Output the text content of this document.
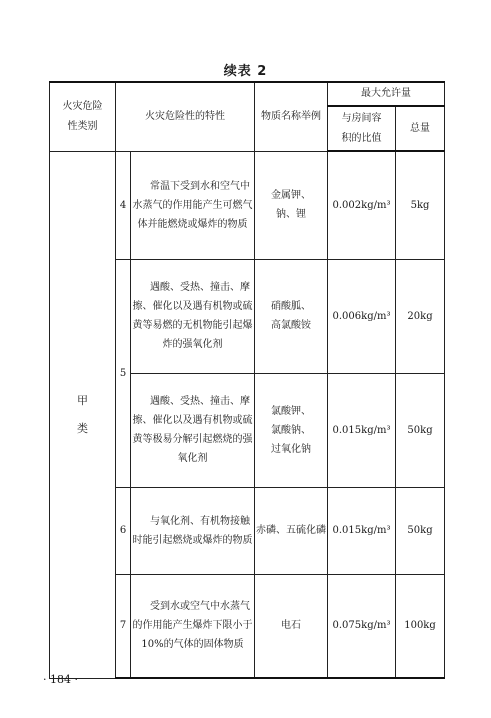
续表 2
火灾危险性类别	火灾危险性的特性		物质名称举例	最大允许量	
				与房间容积的比值	总量
甲类	4	常温下受到水和空气中水蒸气的作用能产生可燃气体并能燃烧或爆炸的物质	金属钾、钠、锂	0.002kg/m³	5kg
	5	遇酸、受热、撞击、摩擦、催化以及遇有机物或硫黄等易燃的无机物能引起爆炸的强氧化剂	硝酸胍、高氯酸铵	0.006kg/m³	20kg
		遇酸、受热、撞击、摩擦、催化以及遇有机物或硫黄等极易分解引起燃烧的强氧化剂	氯酸钾、氯酸钠、过氧化钠	0.015kg/m³	50kg
	6	与氧化剂、有机物接触时能引起燃烧或爆炸的物质	赤磷、五硫化磷	0.015kg/m³	50kg
	7	受到水或空气中水蒸气的作用能产生爆炸下限小于10%的气体的固体物质	电石	0.075kg/m³	100kg
· 184 ·
